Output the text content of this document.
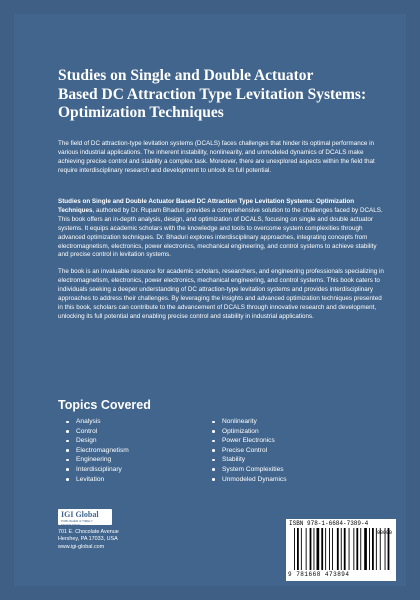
Studies on Single and Double Actuator
Based DC Attraction Type Levitation Systems:
Optimization Techniques

The field of DC attraction-type levitation systems (DCALS) faces challenges that hinder its optimal performance in various industrial applications. The inherent instability, nonlinearity, and unmodeled dynamics of DCALS make achieving precise control and stability a complex task. Moreover, there are unexplored aspects within the field that require interdisciplinary research and development to unlock its full potential.

Studies on Single and Double Actuator Based DC Attraction Type Levitation Systems: Optimization Techniques, authored by Dr. Rupam Bhaduri provides a comprehensive solution to the challenges faced by DCALS. This book offers an in-depth analysis, design, and optimization of DCALS, focusing on single and double actuator systems. It equips academic scholars with the knowledge and tools to overcome system complexities through advanced optimization techniques. Dr. Bhaduri explores interdisciplinary approaches, integrating concepts from electromagnetism, electronics, power electronics, mechanical engineering, and control systems to achieve stability and precise control in levitation systems.

The book is an invaluable resource for academic scholars, researchers, and engineering professionals specializing in electromagnetism, electronics, power electronics, mechanical engineering, and control systems. This book caters to individuals seeking a deeper understanding of DC attraction-type levitation systems and provides interdisciplinary approaches to address their challenges. By leveraging the insights and advanced optimization techniques presented in this book, scholars can contribute to the advancement of DCALS through innovative research and development, unlocking its full potential and enabling precise control and stability in industrial applications.

Topics Covered
Analysis
Control
Design
Electromagnetism
Engineering
Interdisciplinary
Levitation
Nonlinearity
Optimization
Power Electronics
Precise Control
Stability
System Complexities
Unmodeled Dynamics
IGI Global
PUBLISHER of TIMELY KNOWLEDGE
701 E. Chocolate Avenue
Hershey, PA 17033, USA
www.igi-global.com
ISBN 978-1-6684-7389-4
90000
9 781668 473894
